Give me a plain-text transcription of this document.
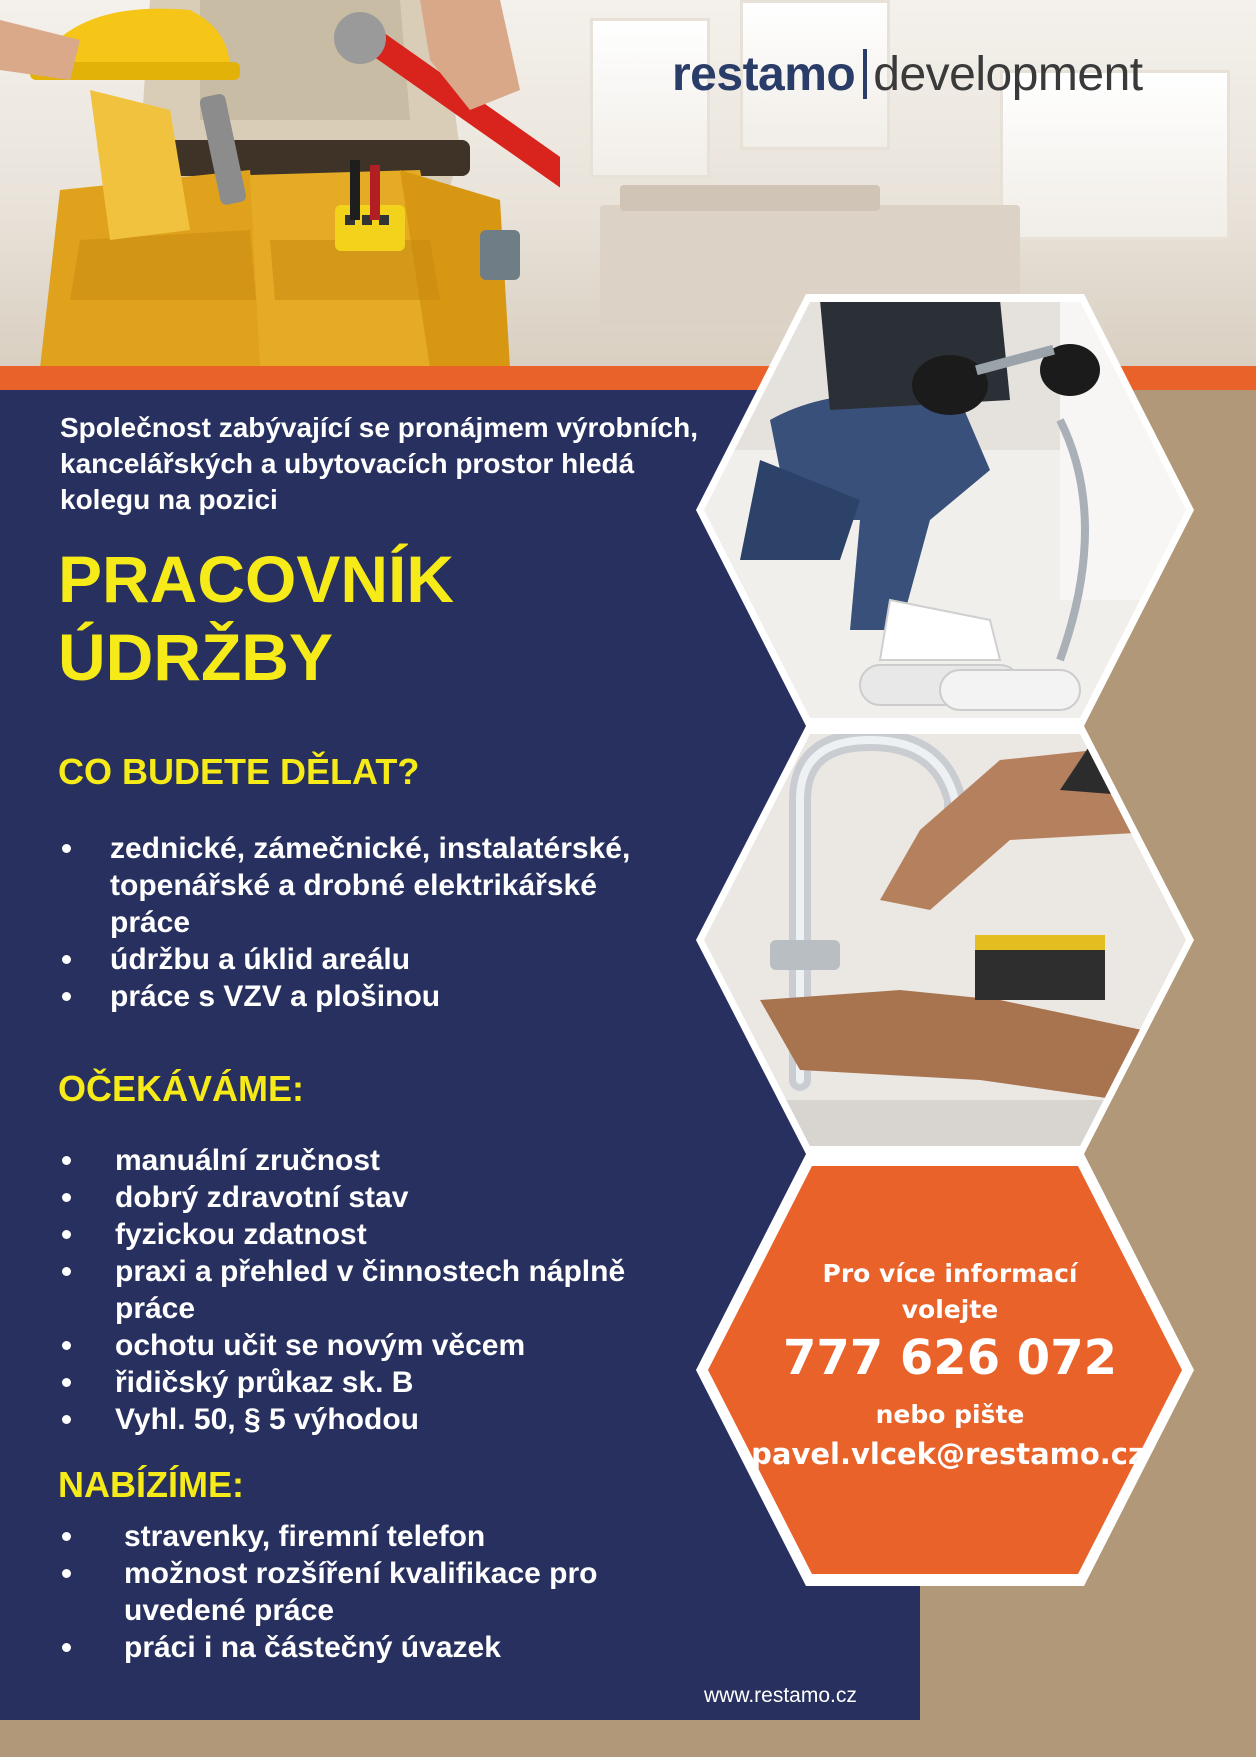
restamo development

Společnost zabývající se pronájmem výrobních, kancelářských a ubytovacích prostor hledá kolegu na pozici

PRACOVNÍK
ÚDRŽBY
CO BUDETE DĚLAT?
zednické, zámečnické, instalatérské, topenářské a drobné elektrikářské práce
údržbu a úklid areálu
práce s VZV a plošinou
OČEKÁVÁME:
manuální zručnost
dobrý zdravotní stav
fyzickou zdatnost
praxi a přehled v činnostech náplně práce
ochotu učit se novým věcem
řidičský průkaz sk. B
Vyhl. 50, § 5 výhodou
NABÍZÍME:
stravenky, firemní telefon
možnost rozšíření kvalifikace pro uvedené práce
práci i na částečný úvazek
www.restamo.cz
Pro více informací volejte
777 626 072
nebo pište
pavel.vlcek@restamo.cz
